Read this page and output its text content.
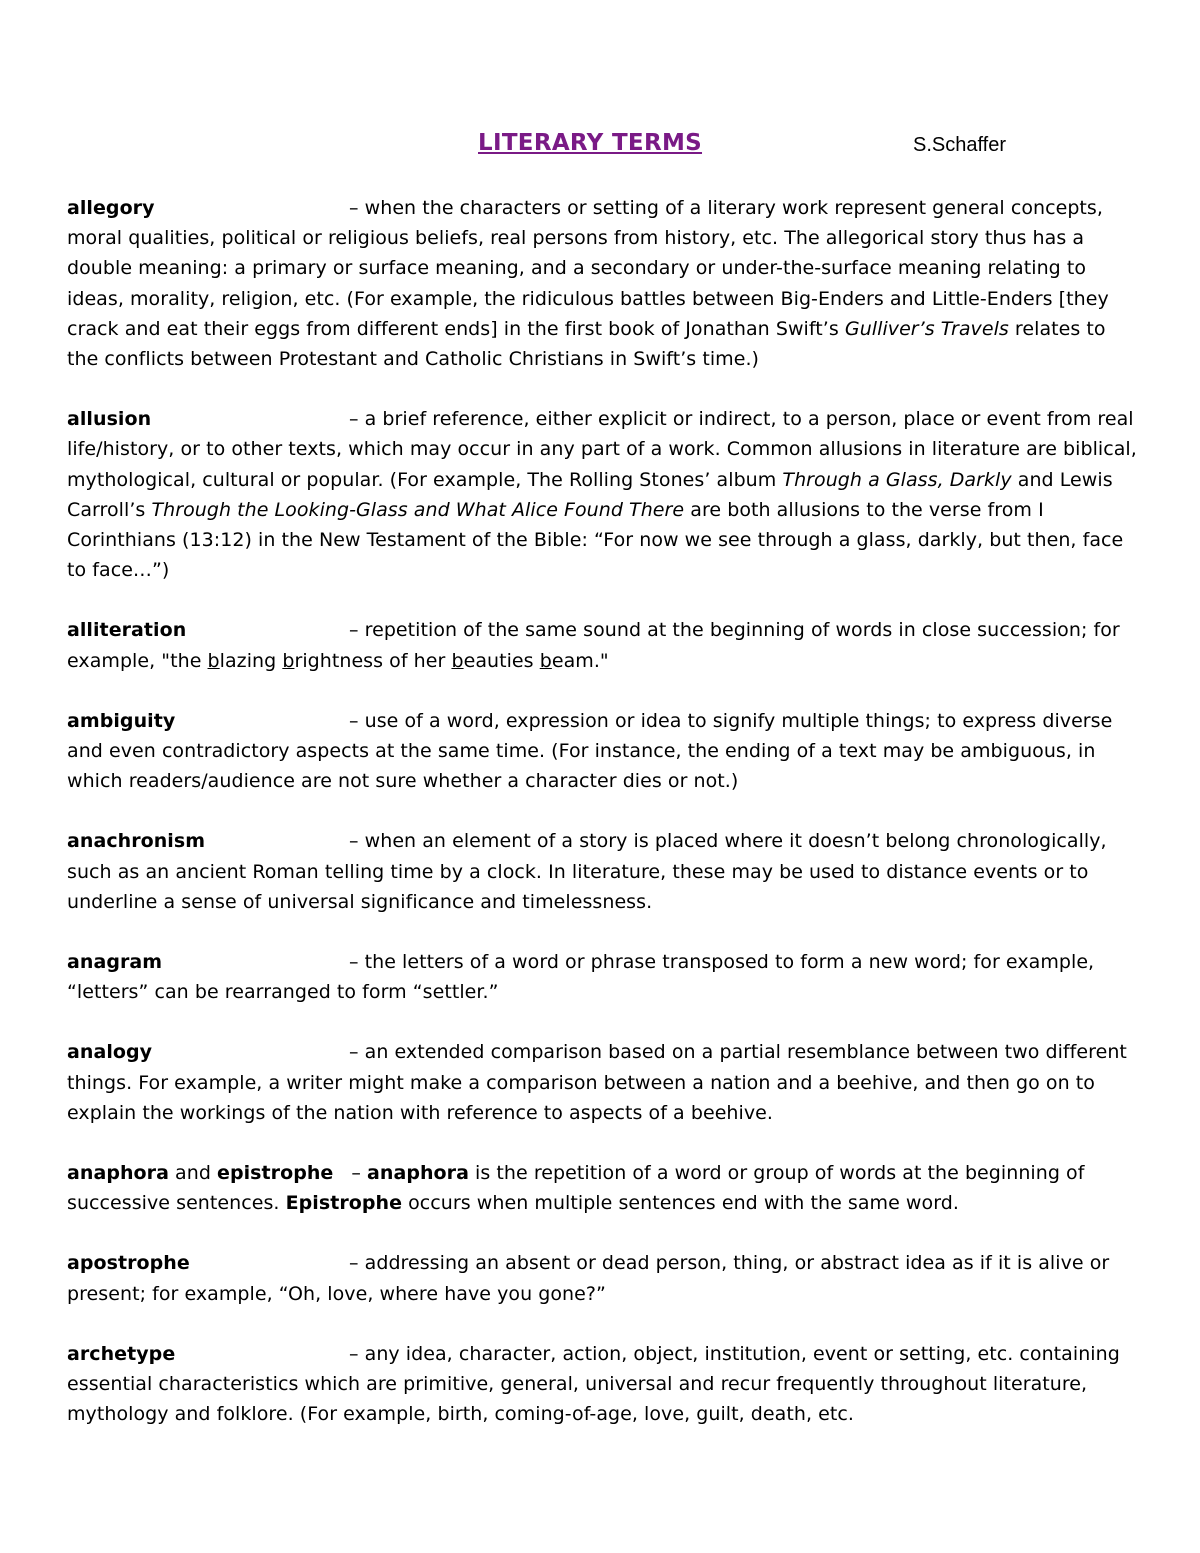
LITERARY TERMS	S.Schaffer

allegory	– when the characters or setting of a literary work represent general concepts, moral qualities, political or religious beliefs, real persons from history, etc. The allegorical story thus has a double meaning: a primary or surface meaning, and a secondary or under-the-surface meaning relating to ideas, morality, religion, etc. (For example, the ridiculous battles between Big-Enders and Little-Enders [they crack and eat their eggs from different ends] in the first book of Jonathan Swift’s Gulliver’s Travels relates to the conflicts between Protestant and Catholic Christians in Swift’s time.)

allusion	– a brief reference, either explicit or indirect, to a person, place or event from real life/history, or to other texts, which may occur in any part of a work. Common allusions in literature are biblical, mythological, cultural or popular. (For example, The Rolling Stones’ album Through a Glass, Darkly and Lewis Carroll’s Through the Looking-Glass and What Alice Found There are both allusions to the verse from I Corinthians (13:12) in the New Testament of the Bible: “For now we see through a glass, darkly, but then, face to face…”)

alliteration	– repetition of the same sound at the beginning of words in close succession; for example, "the blazing brightness of her beauties beam."

ambiguity	– use of a word, expression or idea to signify multiple things; to express diverse and even contradictory aspects at the same time. (For instance, the ending of a text may be ambiguous, in which readers/audience are not sure whether a character dies or not.)

anachronism	– when an element of a story is placed where it doesn’t belong chronologically, such as an ancient Roman telling time by a clock. In literature, these may be used to distance events or to underline a sense of universal significance and timelessness.

anagram	– the letters of a word or phrase transposed to form a new word; for example, “letters” can be rearranged to form “settler.”

analogy	– an extended comparison based on a partial resemblance between two different things. For example, a writer might make a comparison between a nation and a beehive, and then go on to explain the workings of the nation with reference to aspects of a beehive.

anaphora and epistrophe – anaphora is the repetition of a word or group of words at the beginning of successive sentences. Epistrophe occurs when multiple sentences end with the same word.

apostrophe	– addressing an absent or dead person, thing, or abstract idea as if it is alive or present; for example, “Oh, love, where have you gone?”

archetype	– any idea, character, action, object, institution, event or setting, etc. containing essential characteristics which are primitive, general, universal and recur frequently throughout literature, mythology and folklore. (For example, birth, coming-of-age, love, guilt, death, etc.
